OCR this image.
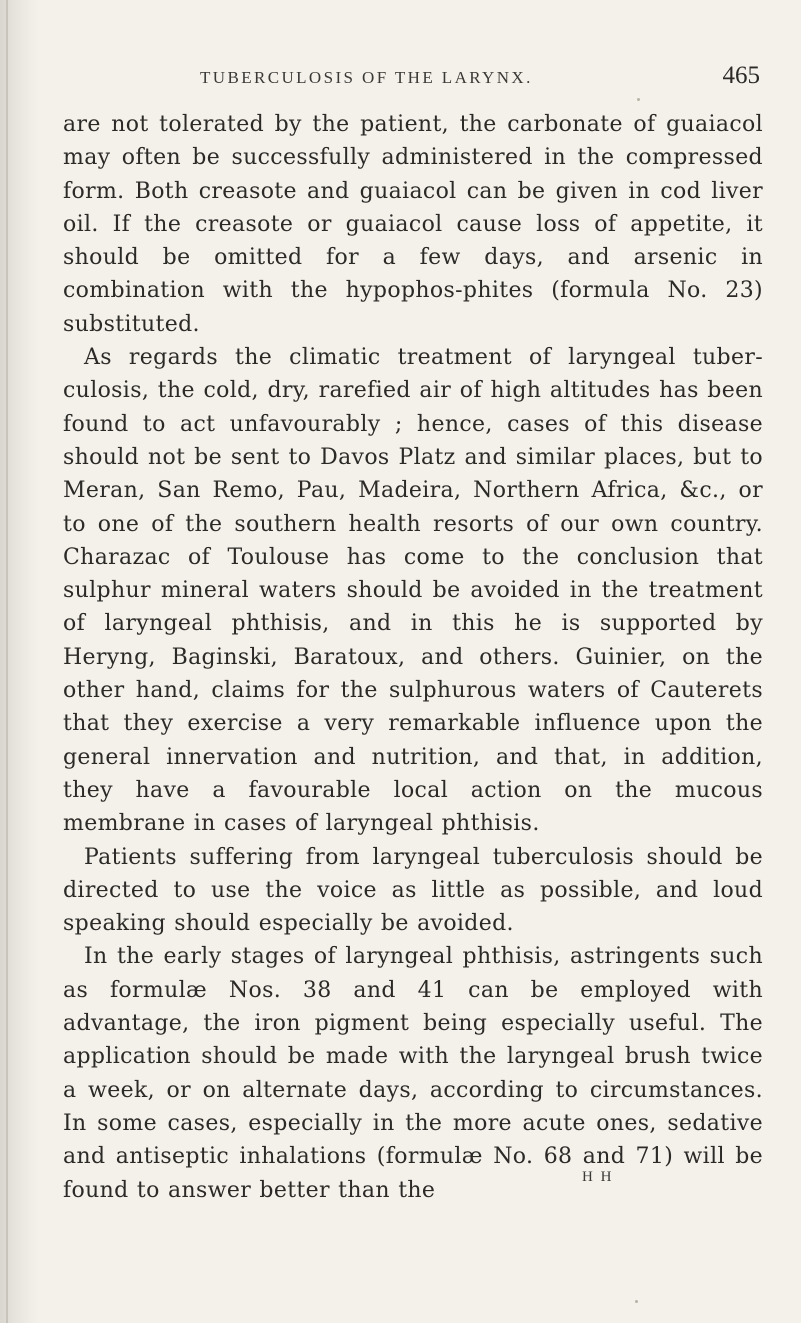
TUBERCULOSIS OF THE LARYNX.	465

are not tolerated by the patient, the carbonate of guaiacol may often be successfully administered in the compressed form. Both creasote and guaiacol can be given in cod liver oil. If the creasote or guaiacol cause loss of appetite, it should be omitted for a few days, and arsenic in combination with the hypophos-phites (formula No. 23) substituted.

As regards the climatic treatment of laryngeal tuber-culosis, the cold, dry, rarefied air of high altitudes has been found to act unfavourably ; hence, cases of this disease should not be sent to Davos Platz and similar places, but to Meran, San Remo, Pau, Madeira, Northern Africa, &c., or to one of the southern health resorts of our own country. Charazac of Toulouse has come to the conclusion that sulphur mineral waters should be avoided in the treatment of laryngeal phthisis, and in this he is supported by Heryng, Baginski, Baratoux, and others. Guinier, on the other hand, claims for the sulphurous waters of Cauterets that they exercise a very remarkable influence upon the general innervation and nutrition, and that, in addition, they have a favourable local action on the mucous membrane in cases of laryngeal phthisis.

Patients suffering from laryngeal tuberculosis should be directed to use the voice as little as possible, and loud speaking should especially be avoided.

In the early stages of laryngeal phthisis, astringents such as formulæ Nos. 38 and 41 can be employed with advantage, the iron pigment being especially useful. The application should be made with the laryngeal brush twice a week, or on alternate days, according to circumstances. In some cases, especially in the more acute ones, sedative and antiseptic inhalations (formulæ No. 68 and 71) will be found to answer better than the

H H
